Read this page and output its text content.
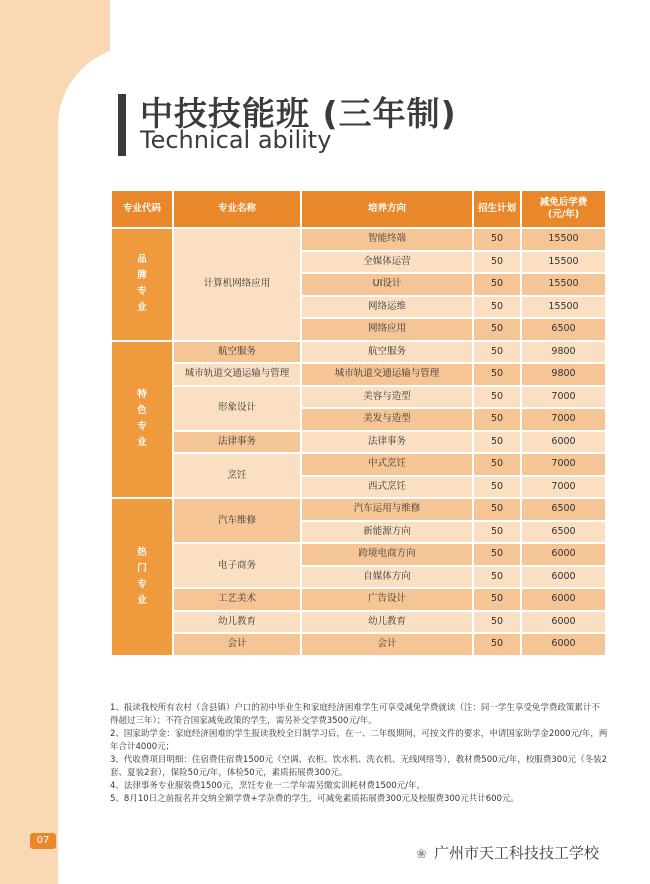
中技技能班 (三年制)
Technical ability
专业代码	专业名称	培养方向	招生计划	减免后学费
(元/年)
品牌专业	计算机网络应用	智能终端	50	15500
		全媒体运营	50	15500
		UI设计	50	15500
		网络运维	50	15500
		网络应用	50	6500
特色专业	航空服务	航空服务	50	9800
	城市轨道交通运输与管理	城市轨道交通运输与管理	50	9800
	形象设计	美容与造型	50	7000
		美发与造型	50	7000
	法律事务	法律事务	50	6000
	烹饪	中式烹饪	50	7000
		西式烹饪	50	7000
热门专业	汽车维修	汽车运用与维修	50	6500
		新能源方向	50	6500
	电子商务	跨境电商方向	50	6000
		自媒体方向	50	6000
	工艺美术	广告设计	50	6000
	幼儿教育	幼儿教育	50	6000
	会计	会计	50	6000

1、报读我校所有农村（含县镇）户口的初中毕业生和家庭经济困难学生可享受减免学费就读（注：同一学生享受免学费政策累计不得超过三年）；不符合国家减免政策的学生，需另补交学费3500元/年。

2、国家助学金：家庭经济困难的学生报读我校全日制学习后，在一、二年级期间，可按文件的要求，申请国家助学金2000元/年，两年合计4000元；

3、代收费项目明细：住宿费住宿费1500元（空调、衣柜、饮水机、洗衣机、无线网络等），教材费500元/年，校服费300元（冬装2套、夏装2套），保险50元/年，体检50元，素质拓展费300元。

4、法律事务专业服装费1500元，烹饪专业一二学年需另缴实训耗材费1500元/年。

5、8月10日之前报名并交纳全额学费+学杂费的学生，可减免素质拓展费300元及校服费300元共计600元。

07
❀ 广州市天工科技技工学校
